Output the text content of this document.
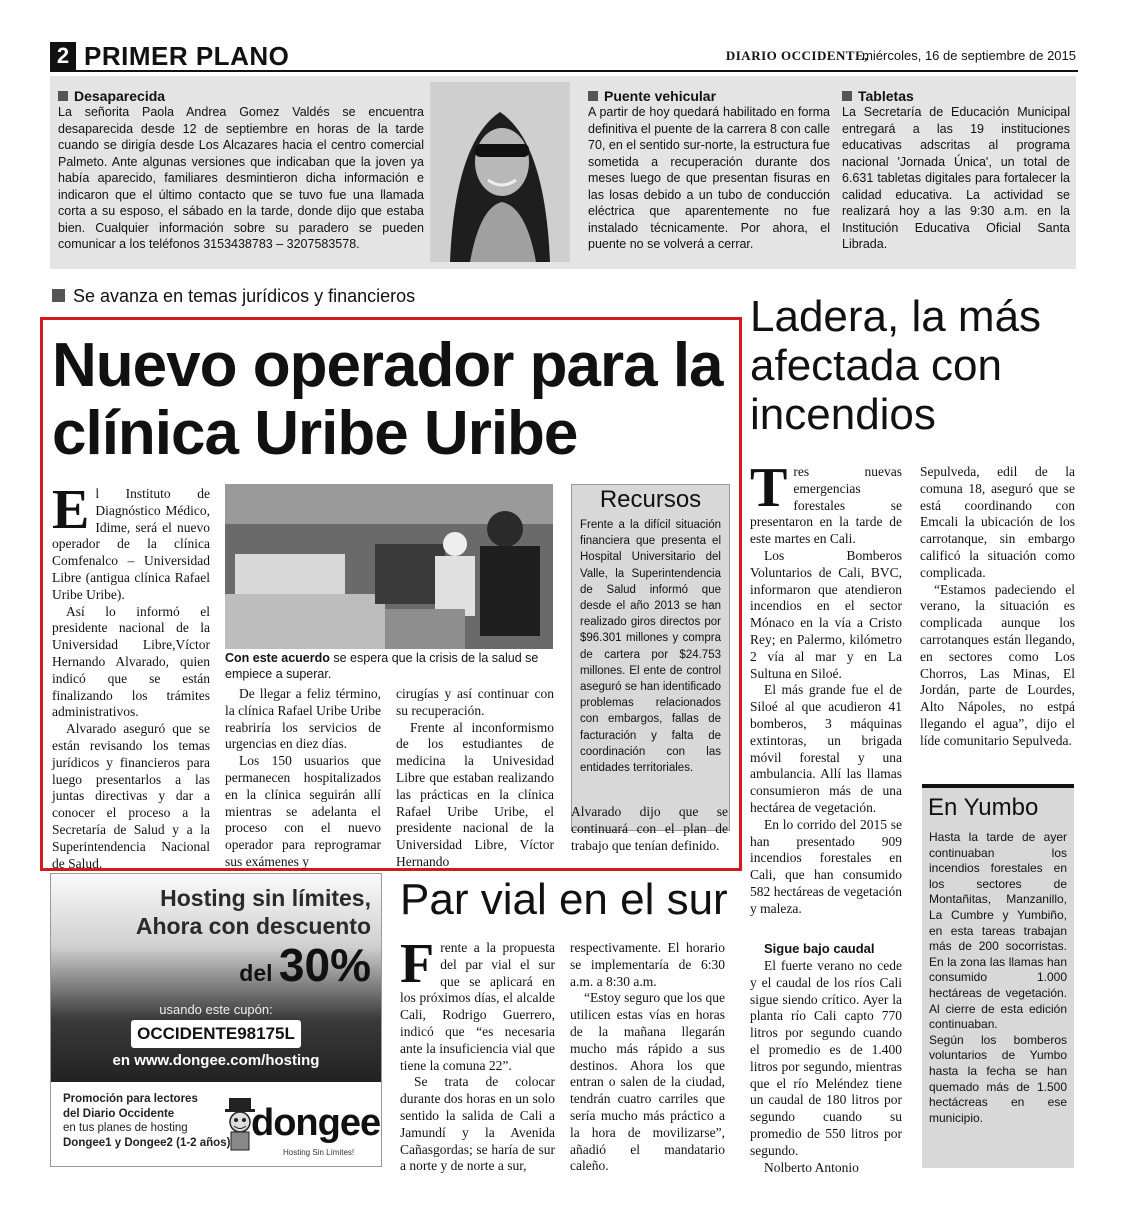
2 PRIMER PLANO	DIARIO OCCIDENTE,
miércoles, 16 de septiembre de 2015
Desaparecida

La señorita Paola Andrea Gomez Valdés se encuentra desaparecida desde 12 de septiembre en horas de la tarde cuando se dirigía desde Los Alcazares hacia el centro comercial Palmeto. Ante algunas versiones que indicaban que la joven ya había aparecido, familiares desmintieron dicha información e indicaron que el último contacto que se tuvo fue una llamada corta a su esposo, el sábado en la tarde, donde dijo que estaba bien. Cualquier información sobre su paradero se pueden comunicar a los teléfonos 3153438783 – 3207583578.

Puente vehicular

A partir de hoy quedará habilitado en forma definitiva el puente de la carrera 8 con calle 70, en el sentido sur-norte, la estructura fue sometida a recuperación durante dos meses luego de que presentan fisuras en las losas debido a un tubo de conducción eléctrica que aparentemente no fue instalado técnicamente. Por ahora, el puente no se volverá a cerrar.

Tabletas

La Secretaría de Educación Municipal entregará a las 19 instituciones educativas adscritas al programa nacional 'Jornada Única', un total de 6.631 tabletas digitales para fortalecer la calidad educativa. La actividad se realizará hoy a las 9:30 a.m. en la Institución Educativa Oficial Santa Librada.

Se avanza en temas jurídicos y financieros
Nuevo operador para la clínica Uribe Uribe

El Instituto de Diagnóstico Médico, Idime, será el nuevo operador de la clínica Comfenalco – Universidad Libre (antigua clínica Rafael Uribe Uribe).

Así lo informó el presidente nacional de la Universidad Libre,Víctor Hernando Alvarado, quien indicó que se están finalizando los trámites administrativos.

Alvarado aseguró que se están revisando los temas jurídicos y financieros para luego presentarlos a las juntas directivas y dar a conocer el proceso a la Secretaría de Salud y a la Superintendencia Nacional de Salud.

Con este acuerdo se espera que la crisis de la salud se empiece a superar.

De llegar a feliz término, la clínica Rafael Uribe Uribe reabriría los servicios de urgencias en diez días.

Los 150 usuarios que permanecen hospitalizados en la clínica seguirán allí mientras se adelanta el proceso con el nuevo operador para reprogramar sus exámenes y

cirugías y así continuar con su recuperación.

Frente al inconformismo de los estudiantes de medicina la Univesidad Libre que estaban realizando las prácticas en la clínica Rafael Uribe Uribe, el presidente nacional de la Universidad Libre, Víctor Hernando

Recursos

Frente a la difícil situación financiera que presenta el Hospital Universitario del Valle, la Superintendencia de Salud informó que desde el año 2013 se han realizado giros directos por $96.301 millones y compra de cartera por $24.753 millones. El ente de control aseguró se han identificado problemas relacionados con embargos, fallas de facturación y falta de coordinación con las entidades territoriales.

Alvarado dijo que se continuará con el plan de trabajo que tenían definido.

Ladera, la más afectada con incendios

Tres nuevas emergencias forestales se presentaron en la tarde de este martes en Cali.

Los Bomberos Voluntarios de Cali, BVC, informaron que atendieron incendios en el sector Mónaco en la vía a Cristo Rey; en Palermo, kilómetro 2 vía al mar y en La Sultuna en Siloé.

El más grande fue el de Siloé al que acudieron 41 bomberos, 3 máquinas extintoras, un brigada móvil forestal y una ambulancia. Allí las llamas consumieron más de una hectárea de vegetación.

En lo corrido del 2015 se han presentado 909 incendios forestales en Cali, que han consumido 582 hectáreas de vegetación y maleza.

Sigue bajo caudal

El fuerte verano no cede y el caudal de los ríos Cali sigue siendo crítico. Ayer la planta río Cali capto 770 litros por segundo cuando el promedio es de 1.400 litros por segundo, mientras que el río Meléndez tiene un caudal de 180 litros por segundo cuando su promedio de 550 litros por segundo.

Nolberto Antonio

Sepulveda, edil de la comuna 18, aseguró que se está coordinando con Emcali la ubicación de los carrotanque, sin embargo calificó la situación como complicada.

“Estamos padeciendo el verano, la situación es complicada aunque los carrotanques están llegando, en sectores como Los Chorros, Las Minas, El Jordán, parte de Lourdes, Alto Nápoles, no estpá llegando el agua”, dijo el líde comunitario Sepulveda.

En Yumbo

Hasta la tarde de ayer continuaban los incendios forestales en los sectores de Montañitas, Manzanillo, La Cumbre y Yumbiño, en esta tareas trabajan más de 200 socorristas. En la zona las llamas han consumido 1.000 hectáreas de vegetación. Al cierre de esta edición continuaban.

Según los bomberos voluntarios de Yumbo hasta la fecha se han quemado más de 1.500 hectácreas en ese municipio.

Hosting sin límites,
Ahora con descuento
del 30%
usando este cupón:
OCCIDENTE98175L
en www.dongee.com/hosting
Promoción para lectores
del Diario Occidente
en tus planes de hosting
Dongee1 y Dongee2 (1-2 años) dongee
Hosting Sin Límites!
Par vial en el sur

Frente a la propuesta del par vial el sur que se aplicará en los próximos días, el alcalde Cali, Rodrigo Guerrero, indicó que “es necesaria ante la insuficiencia vial que tiene la comuna 22”.

Se trata de colocar durante dos horas en un solo sentido la salida de Cali a Jamundí y la Avenida Cañasgordas; se haría de sur a norte y de norte a sur,

respectivamente. El horario se implementaría de 6:30 a.m. a 8:30 a.m.

“Estoy seguro que los que utilicen estas vías en horas de la mañana llegarán mucho más rápido a sus destinos. Ahora los que entran o salen de la ciudad, tendrán cuatro carriles que sería mucho más práctico a la hora de movilizarse”, añadió el mandatario caleño.
